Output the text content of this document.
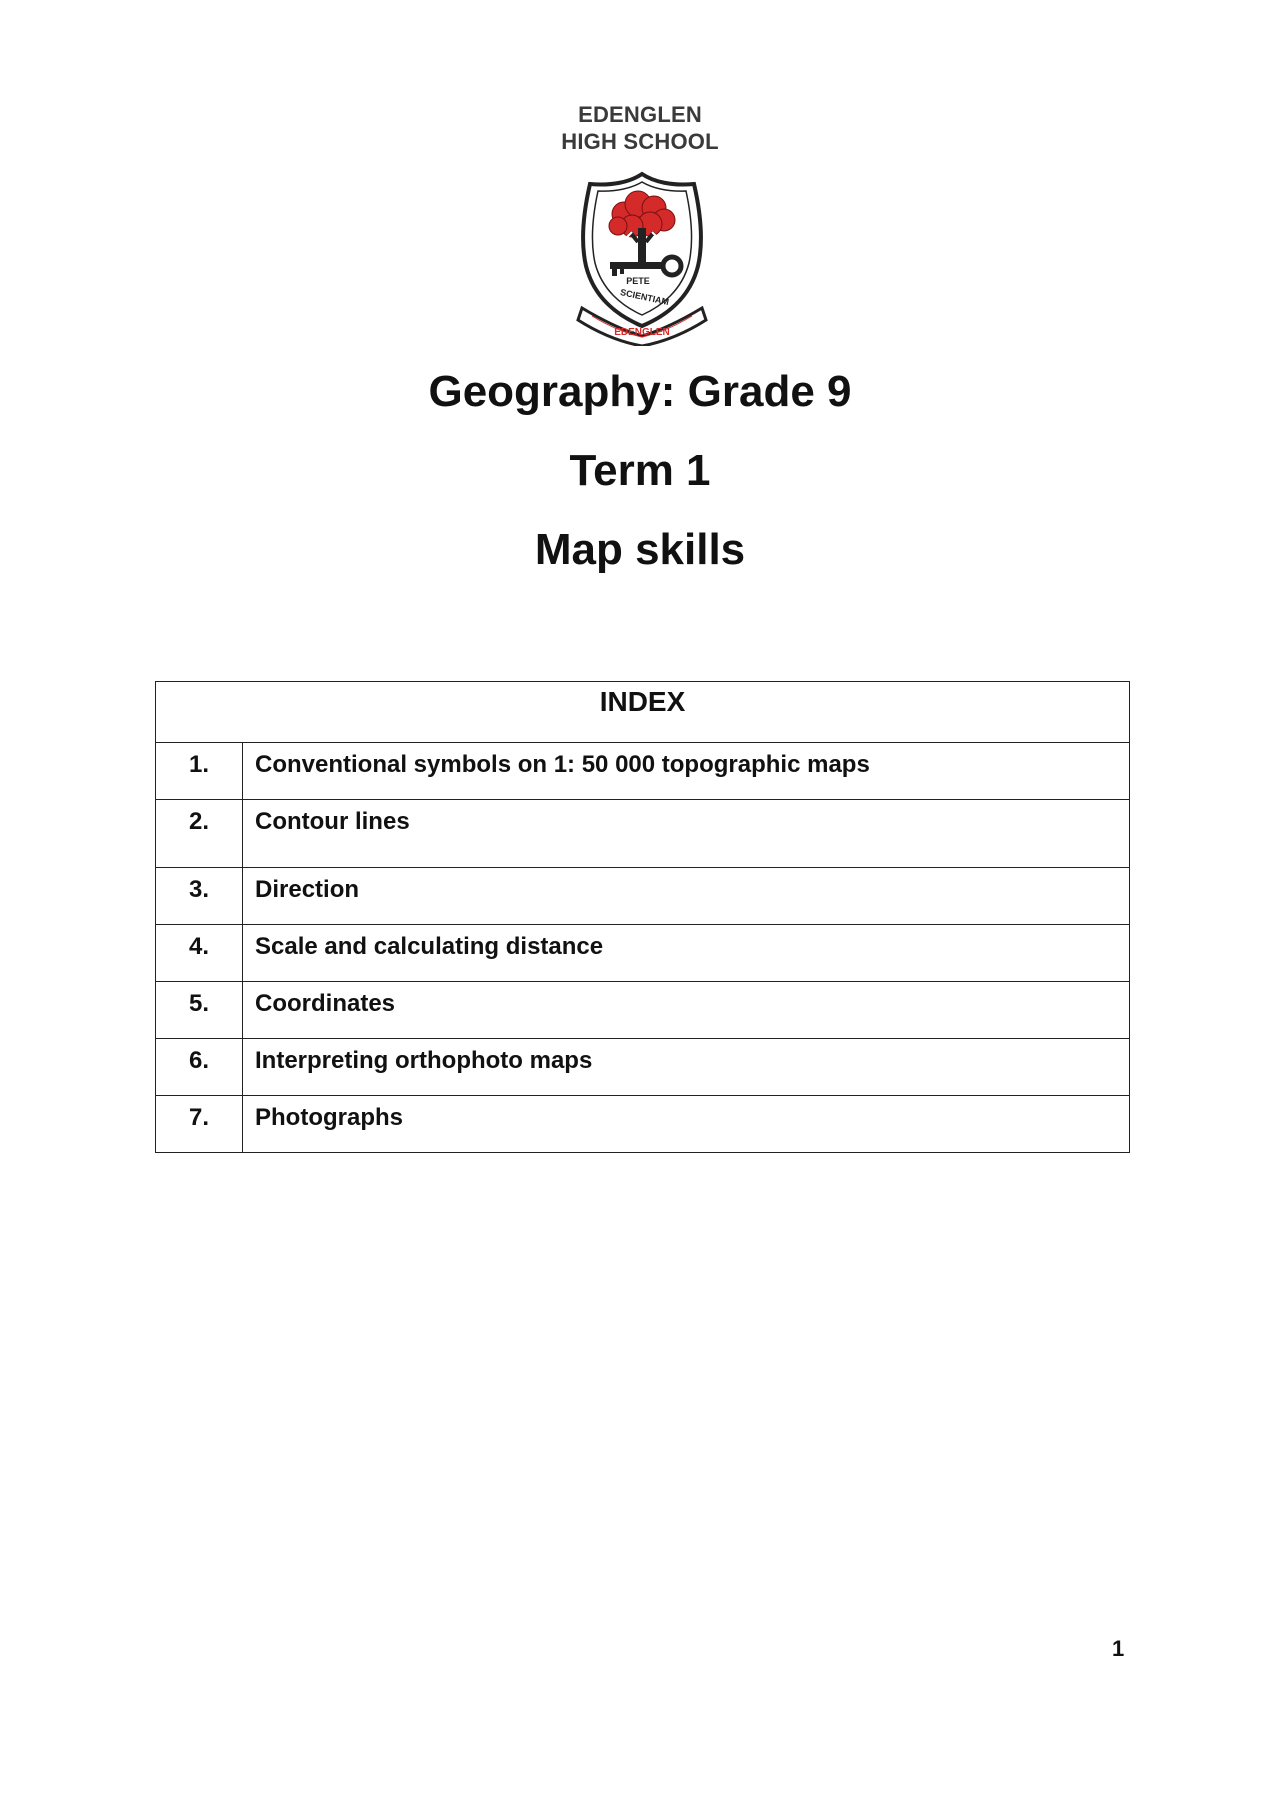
EDENGLEN
HIGH SCHOOL
PETE
SCIENTIAM
EDENGLEN
Geography: Grade 9
Term 1
Map skills
INDEX	
1.	Conventional symbols on 1: 50 000 topographic maps
2.	Contour lines
3.	Direction
4.	Scale and calculating distance
5.	Coordinates
6.	Interpreting orthophoto maps
7.	Photographs
1
